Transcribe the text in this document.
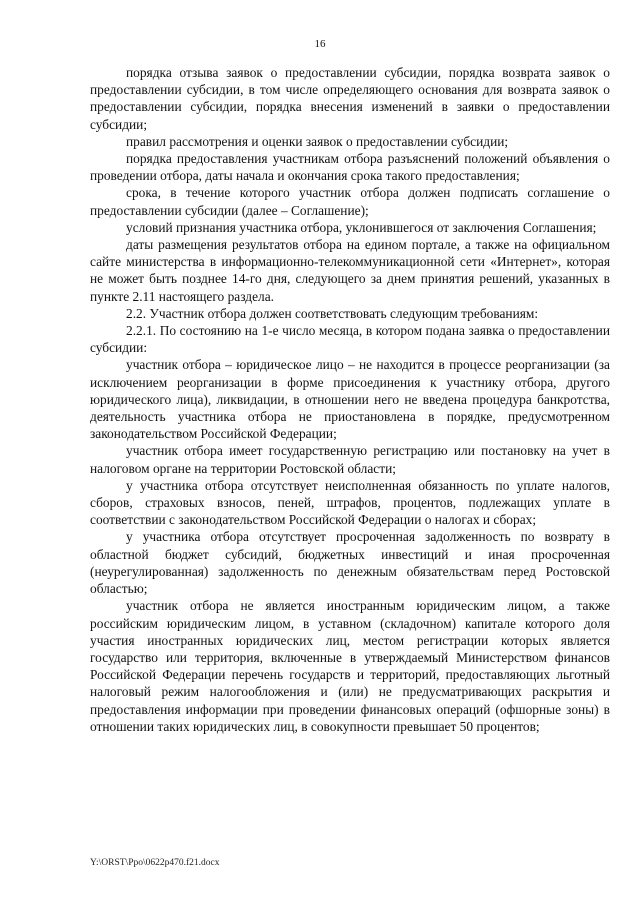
16

порядка отзыва заявок о предоставлении субсидии, порядка возврата заявок о предоставлении субсидии, в том числе определяющего основания для возврата заявок о предоставлении субсидии, порядка внесения изменений в заявки о предоставлении субсидии;

правил рассмотрения и оценки заявок о предоставлении субсидии;

порядка предоставления участникам отбора разъяснений положений объявления о проведении отбора, даты начала и окончания срока такого предоставления;

срока, в течение которого участник отбора должен подписать соглашение о предоставлении субсидии (далее – Соглашение);

условий признания участника отбора, уклонившегося от заключения Соглашения;

даты размещения результатов отбора на едином портале, а также на официальном сайте министерства в информационно-телекоммуникационной сети «Интернет», которая не может быть позднее 14-го дня, следующего за днем принятия решений, указанных в пункте 2.11 настоящего раздела.

2.2. Участник отбора должен соответствовать следующим требованиям:

2.2.1. По состоянию на 1-е число месяца, в котором подана заявка о предоставлении субсидии:

участник отбора – юридическое лицо – не находится в процессе реорганизации (за исключением реорганизации в форме присоединения к участнику отбора, другого юридического лица), ликвидации, в отношении него не введена процедура банкротства, деятельность участника отбора не приостановлена в порядке, предусмотренном законодательством Российской Федерации;

участник отбора имеет государственную регистрацию или постановку на учет в налоговом органе на территории Ростовской области;

у участника отбора отсутствует неисполненная обязанность по уплате налогов, сборов, страховых взносов, пеней, штрафов, процентов, подлежащих уплате в соответствии с законодательством Российской Федерации о налогах и сборах;

у участника отбора отсутствует просроченная задолженность по возврату в областной бюджет субсидий, бюджетных инвестиций и иная просроченная (неурегулированная) задолженность по денежным обязательствам перед Ростовской областью;

участник отбора не является иностранным юридическим лицом, а также российским юридическим лицом, в уставном (складочном) капитале которого доля участия иностранных юридических лиц, местом регистрации которых является государство или территория, включенные в утверждаемый Министерством финансов Российской Федерации перечень государств и территорий, предоставляющих льготный налоговый режим налогообложения и (или) не предусматривающих раскрытия и предоставления информации при проведении финансовых операций (офшорные зоны) в отношении таких юридических лиц, в совокупности превышает 50 процентов;

Y:\ORST\Ppo\0622p470.f21.docx
